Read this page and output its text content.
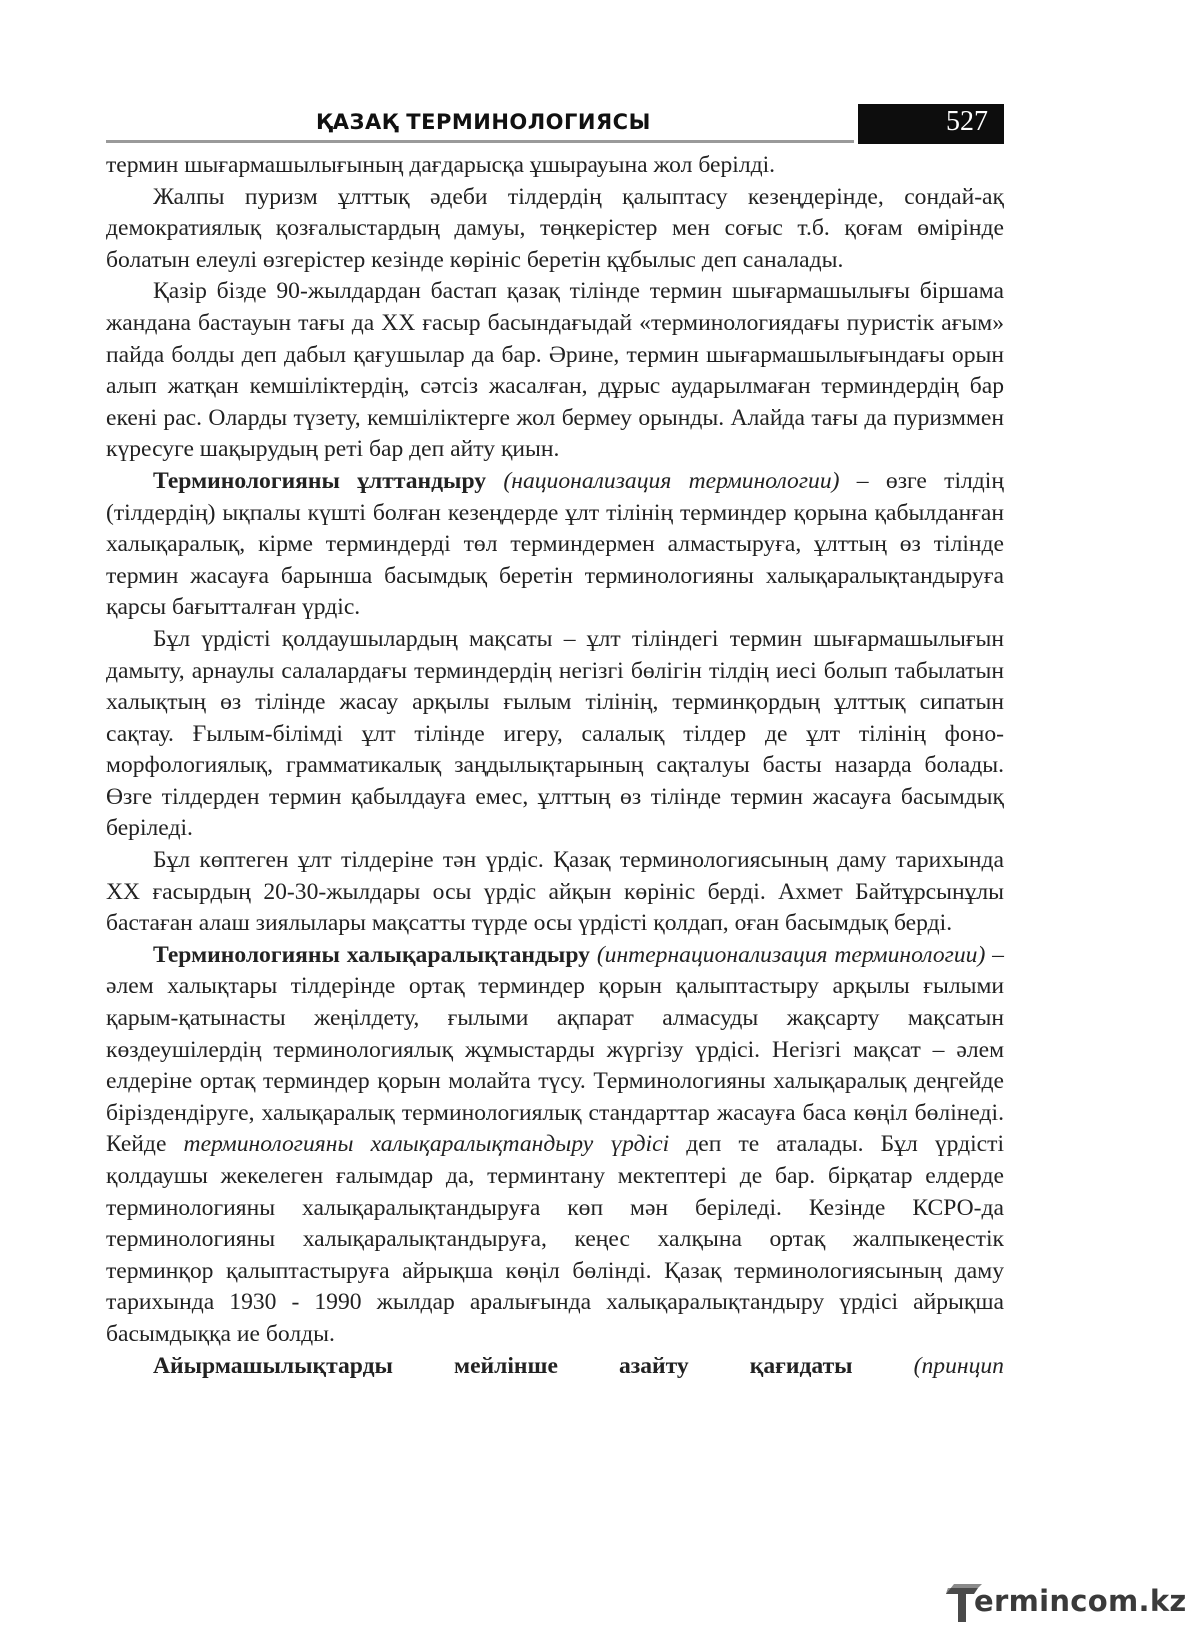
ҚАЗАҚ ТЕРМИНОЛОГИЯСЫ	527

термин шығармашылығының дағдарысқа ұшырауына жол берілді.

Жалпы пуризм ұлттық әдеби тілдердің қалыптасу кезеңдерінде, сондай-ақ демократиялық қозғалыстардың дамуы, төңкерістер мен соғыс т.б. қоғам өмірінде болатын елеулі өзгерістер кезінде көрініс беретін құбылыс деп саналады.

Қазір бізде 90-жылдардан бастап қазақ тілінде термин шығармашылығы біршама жандана бастауын тағы да ХХ ғасыр басындағыдай «терминологиядағы пуристік ағым» пайда болды деп дабыл қағушылар да бар. Әрине, термин шығармашылығындағы орын алып жатқан кемшіліктердің, сәтсіз жасалған, дұрыс аударылмаған терминдердің бар екені рас. Оларды түзету, кемшіліктерге жол бермеу орынды. Алайда тағы да пуризммен күресуге шақырудың реті бар деп айту қиын.

Терминологияны ұлттандыру (национализация терминологии) – өзге тілдің (тілдердің) ықпалы күшті болған кезеңдерде ұлт тілінің терминдер қорына қабылданған халықаралық, кірме терминдерді төл терминдермен алмастыруға, ұлттың өз тілінде термин жасауға барынша басымдық беретін терминологияны халықаралықтандыруға қарсы бағытталған үрдіс.

Бұл үрдісті қолдаушылардың мақсаты – ұлт тіліндегі термин шығармашылығын дамыту, арнаулы салалардағы терминдердің негізгі бөлігін тілдің иесі болып табылатын халықтың өз тілінде жасау арқылы ғылым тілінің, терминқордың ұлттық сипатын сақтау. Ғылым-білімді ұлт тілінде игеру, салалық тілдер де ұлт тілінің фоно-морфологиялық, грамматикалық заңдылықтарының сақталуы басты назарда болады. Өзге тілдерден термин қабылдауға емес, ұлттың өз тілінде термин жасауға басымдық беріледі.

Бұл көптеген ұлт тілдеріне тән үрдіс. Қазақ терминологиясының даму тарихында ХХ ғасырдың 20-30-жылдары осы үрдіс айқын көрініс берді. Ахмет Байтұрсынұлы бастаған алаш зиялылары мақсатты түрде осы үрдісті қолдап, оған басымдық берді.

Терминологияны халықаралықтандыру (интернационализация терминологии) – әлем халықтары тілдерінде ортақ терминдер қорын қалыптастыру арқылы ғылыми қарым-қатынасты жеңілдету, ғылыми ақпарат алмасуды жақсарту мақсатын көздеушілердің терминологиялық жұмыстарды жүргізу үрдісі. Негізгі мақсат – әлем елдеріне ортақ терминдер қорын молайта түсу. Терминологияны халықаралық деңгейде біріздендіруге, халықаралық терминологиялық стандарттар жасауға баса көңіл бөлінеді. Кейде терминологияны халықаралықтандыру үрдісі деп те аталады. Бұл үрдісті қолдаушы жекелеген ғалымдар да, терминтану мектептері де бар. бірқатар елдерде терминологияны халықаралықтандыруға көп мән беріледі. Кезінде КСРО-да терминологияны халықаралықтандыруға, кеңес халқына ортақ жалпыкеңестік терминқор қалыптастыруға айрықша көңіл бөлінді. Қазақ терминологиясының даму тарихында 1930 - 1990 жылдар аралығында халықаралықтандыру үрдісі айрықша басымдыққа ие болды.

Айырмашылықтарды мейлінше азайту қағидаты	(принцип

ermincom.kz
